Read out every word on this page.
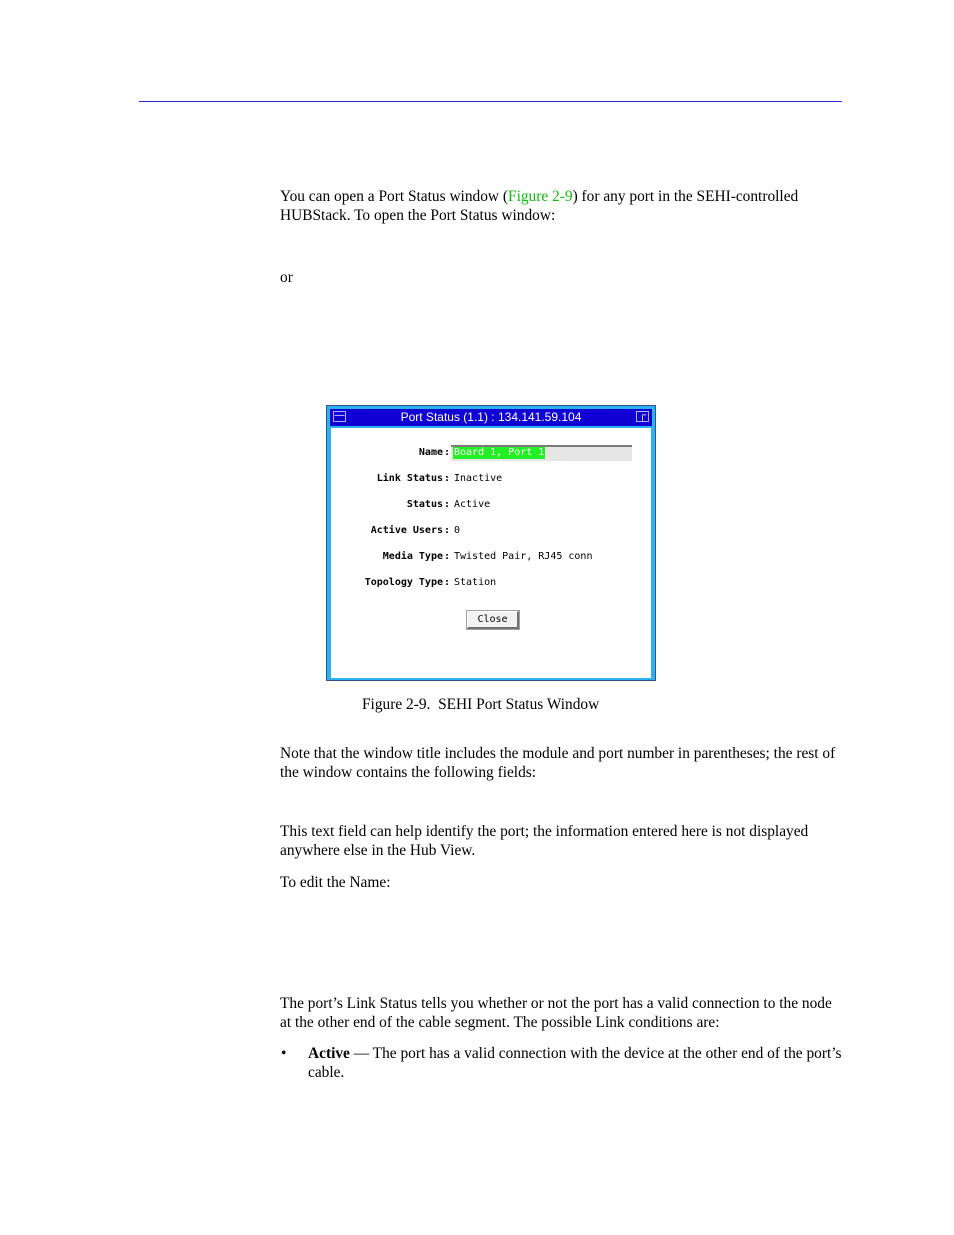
You can open a Port Status window (Figure 2-9) for any port in the SEHI-controlled HUBStack. To open the Port Status window:

or

—	Port Status (1.1) : 134.141.59.104	┌
Name : Board 1, Port 1
Link Status : Inactive
Status : Active
Active Users : 0
Media Type : Twisted Pair, RJ45 conn
Topology Type : Station
Close
Figure 2-9.  SEHI Port Status Window

Note that the window title includes the module and port number in parentheses; the rest of the window contains the following fields:

This text field can help identify the port; the information entered here is not displayed anywhere else in the Hub View.

To edit the Name:

The port’s Link Status tells you whether or not the port has a valid connection to the node at the other end of the cable segment. The possible Link conditions are:

• Active — The port has a valid connection with the device at the other end of the port’s cable.
